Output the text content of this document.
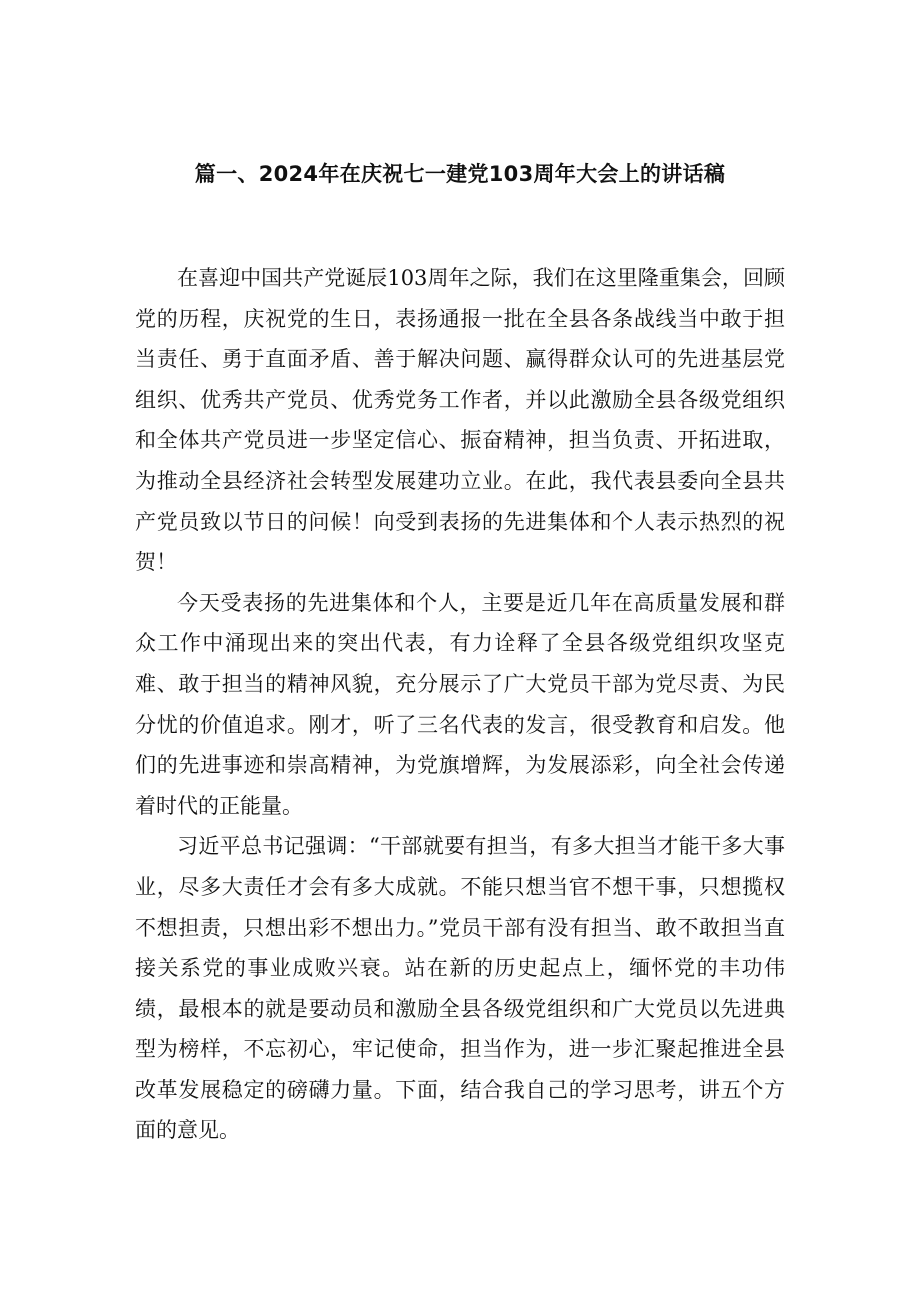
篇一、2024年在庆祝七一建党103周年大会上的讲话稿

在喜迎中国共产党诞辰103周年之际，我们在这里隆重集会，回顾党的历程，庆祝党的生日，表扬通报一批在全县各条战线当中敢于担当责任、勇于直面矛盾、善于解决问题、赢得群众认可的先进基层党组织、优秀共产党员、优秀党务工作者，并以此激励全县各级党组织和全体共产党员进一步坚定信心、振奋精神，担当负责、开拓进取，为推动全县经济社会转型发展建功立业。在此，我代表县委向全县共产党员致以节日的问候！向受到表扬的先进集体和个人表示热烈的祝贺！

今天受表扬的先进集体和个人，主要是近几年在高质量发展和群众工作中涌现出来的突出代表，有力诠释了全县各级党组织攻坚克难、敢于担当的精神风貌，充分展示了广大党员干部为党尽责、为民分忧的价值追求。刚才，听了三名代表的发言，很受教育和启发。他们的先进事迹和崇高精神，为党旗增辉，为发展添彩，向全社会传递着时代的正能量。

习近平总书记强调：“干部就要有担当，有多大担当才能干多大事业，尽多大责任才会有多大成就。不能只想当官不想干事，只想揽权不想担责，只想出彩不想出力。”党员干部有没有担当、敢不敢担当直接关系党的事业成败兴衰。站在新的历史起点上，缅怀党的丰功伟绩，最根本的就是要动员和激励全县各级党组织和广大党员以先进典型为榜样，不忘初心，牢记使命，担当作为，进一步汇聚起推进全县改革发展稳定的磅礴力量。下面，结合我自己的学习思考，讲五个方面的意见。
